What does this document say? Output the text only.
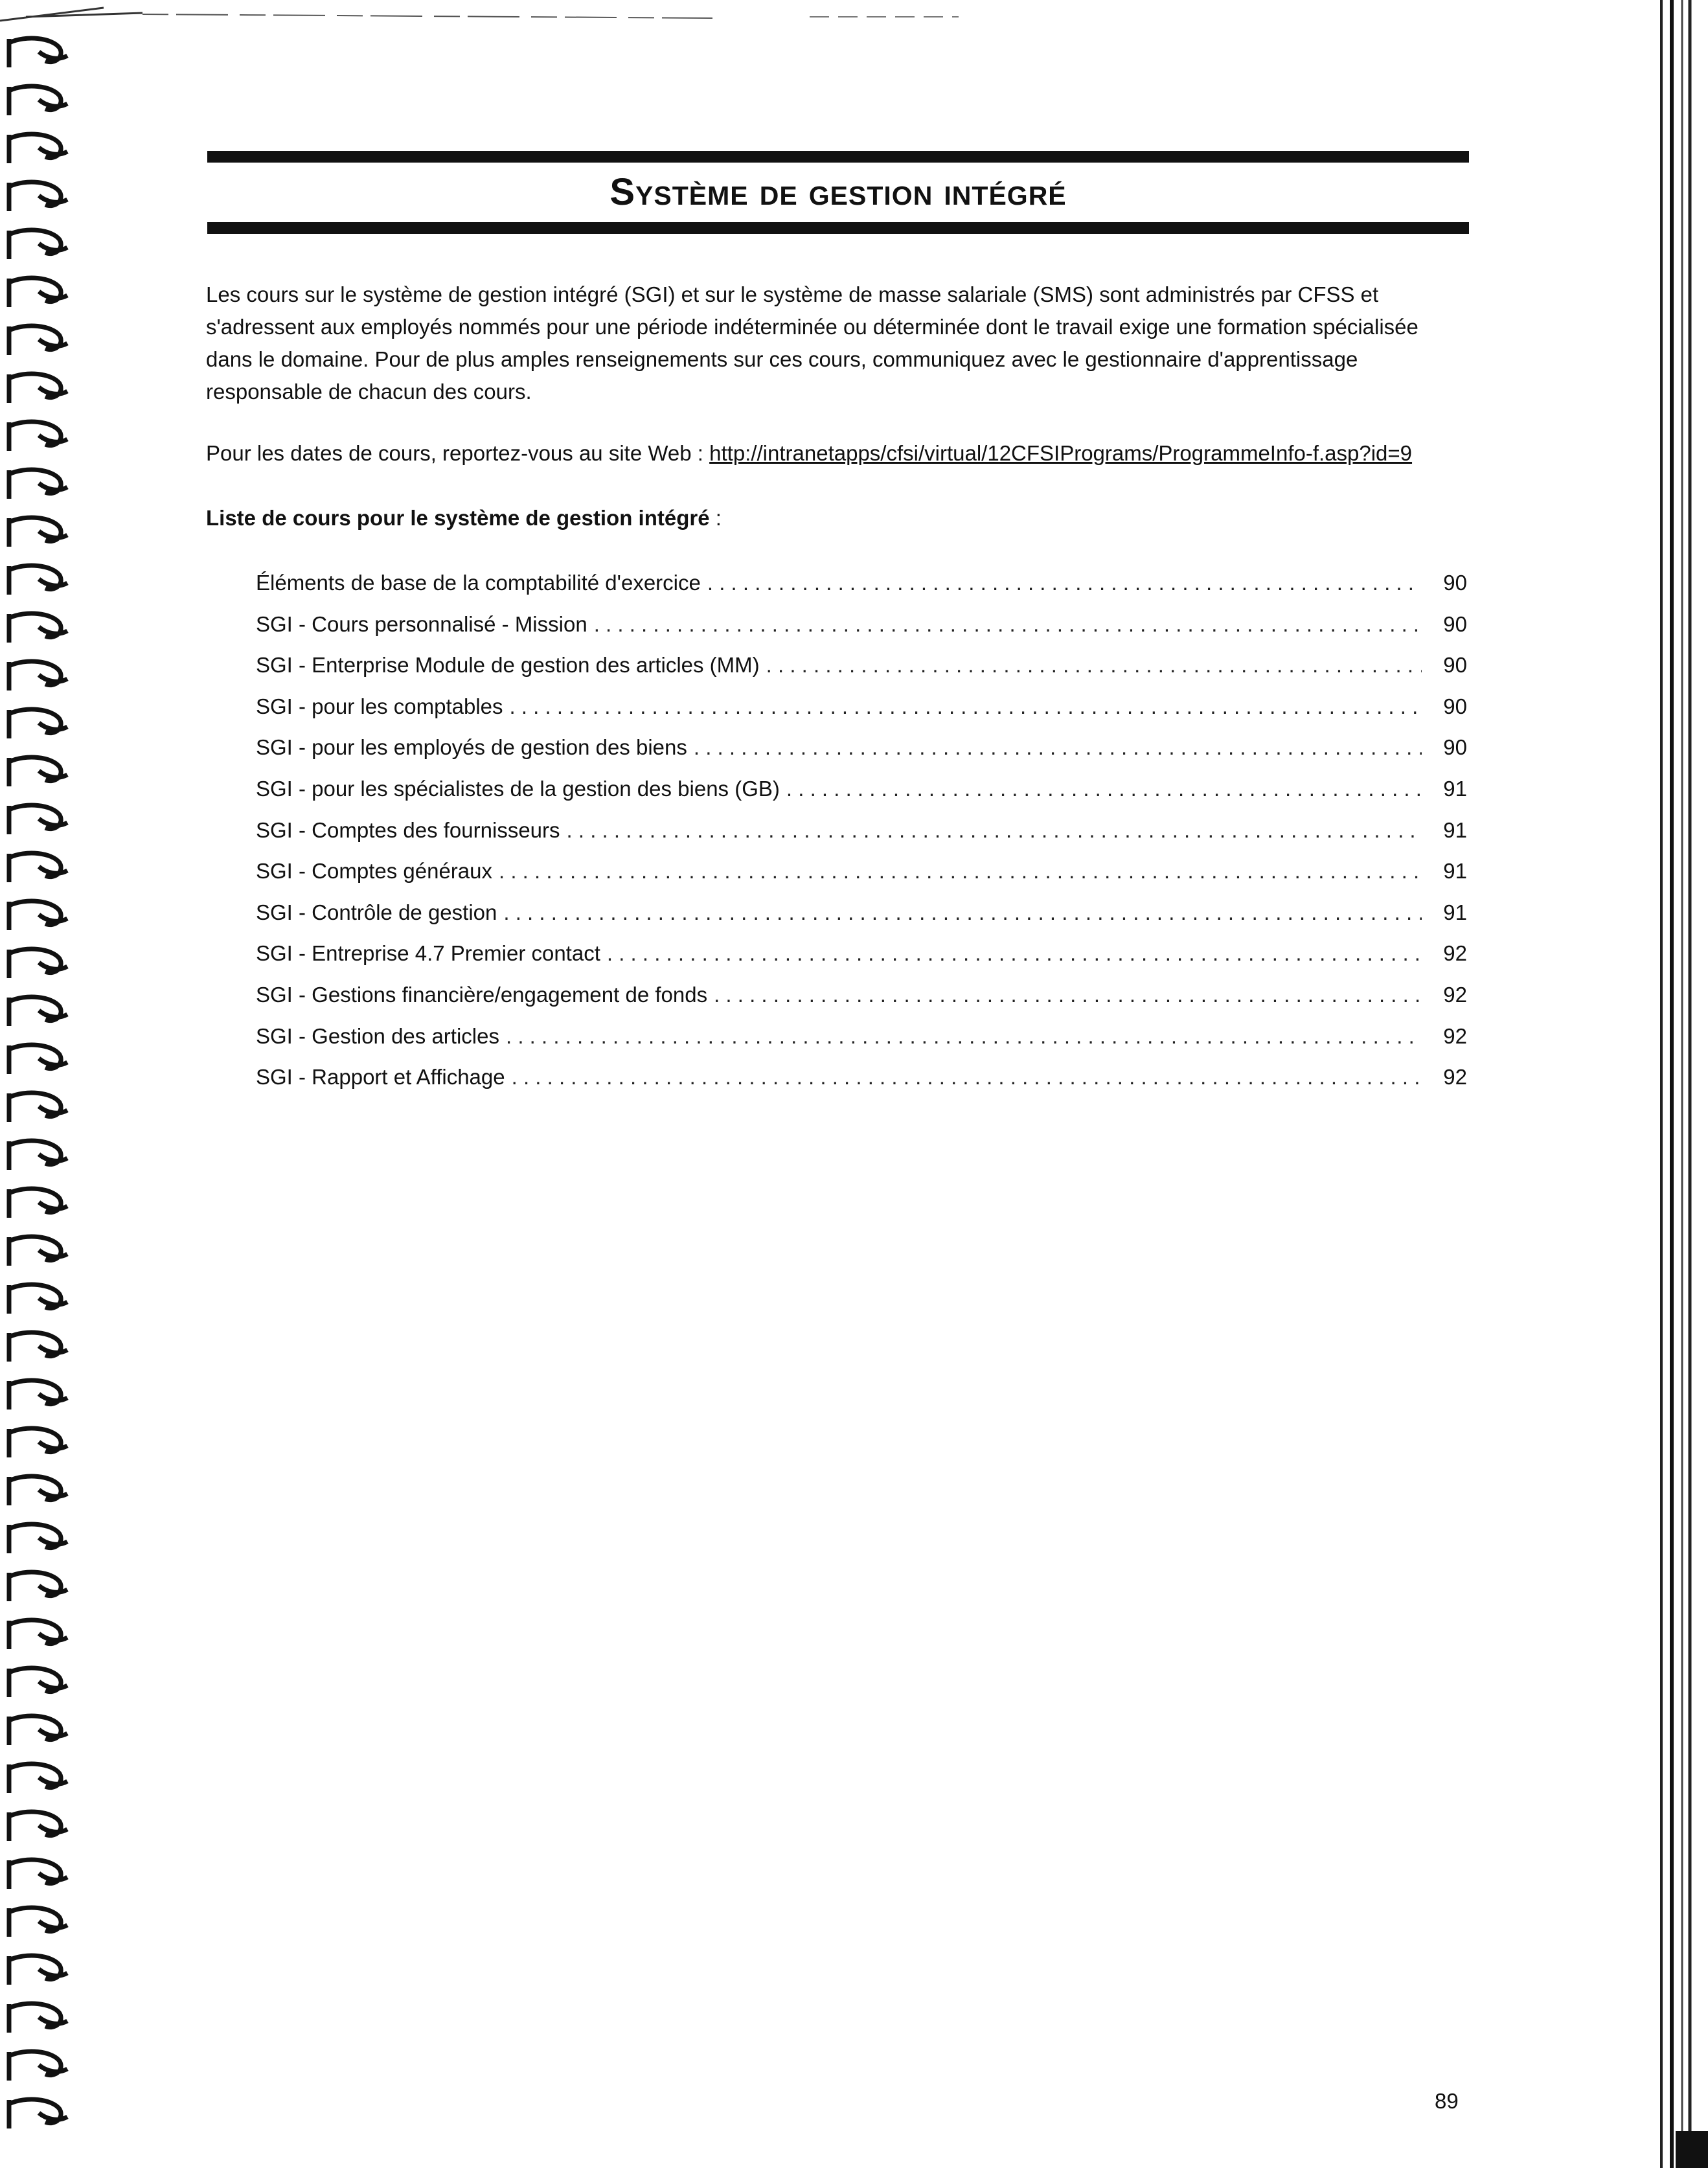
Système de gestion intégré

Les cours sur le système de gestion intégré (SGI) et sur le système de masse salariale (SMS) sont administrés par CFSS et

s'adressent aux employés nommés pour une période indéterminée ou déterminée dont le travail exige une formation spécialisée

dans le domaine. Pour de plus amples renseignements sur ces cours, communiquez avec le gestionnaire d'apprentissage

responsable de chacun des cours.

Pour les dates de cours, reportez-vous au site Web : http://intranetapps/cfsi/virtual/12CFSIPrograms/ProgrammeInfo-f.asp?id=9
Liste de cours pour le système de gestion intégré :
Éléments de base de la comptabilité d'exercice . . .	90
SGI - Cours personnalisé - Mission . . .	90
SGI - Enterprise Module de gestion des articles (MM) . . .	90
SGI - pour les comptables . . .	90
SGI - pour les employés de gestion des biens . . .	90
SGI - pour les spécialistes de la gestion des biens (GB) . . .	91
SGI - Comptes des fournisseurs . . .	91
SGI - Comptes généraux . . .	91
SGI - Contrôle de gestion . . .	91
SGI - Entreprise 4.7 Premier contact . . .	92
SGI - Gestions financière/engagement de fonds . . .	92
SGI - Gestion des articles . . .	92
SGI - Rapport et Affichage . . .	92
89
